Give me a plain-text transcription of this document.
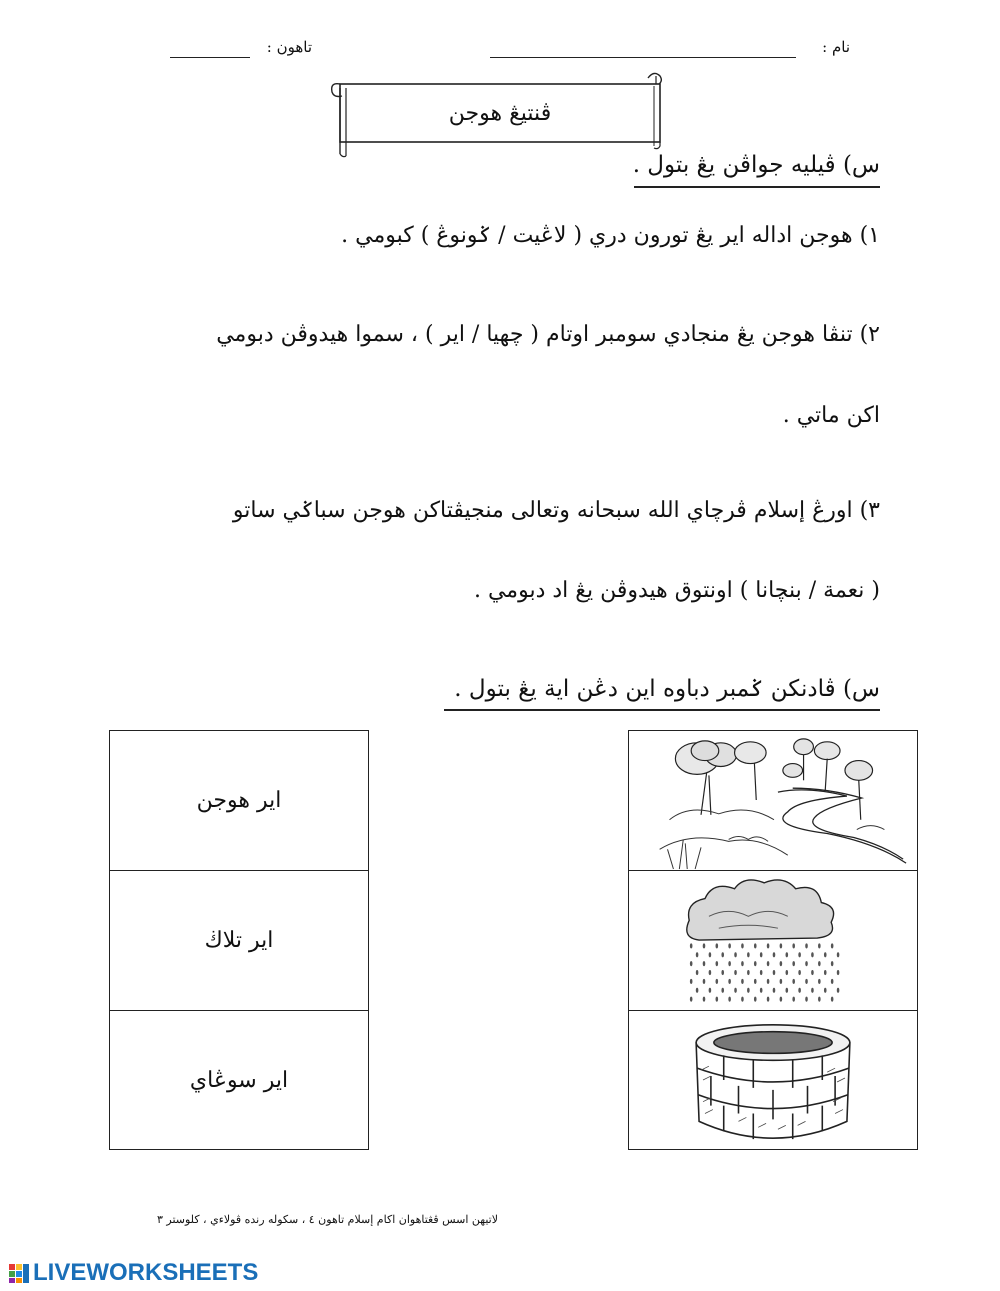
نام :
تاهون :
ڤنتيڠ هوجن
س) ڤيليه جواڤن يڠ بتول .
١) هوجن اداله اير يڠ تورون دري ( لاڠيت / ݢونوڠ ) كبومي .
٢) تنڤا هوجن يڠ منجادي سومبر اوتام ( چهيا / اير ) ، سموا هيدوڤن دبومي
اكن ماتي .
٣) اورڠ إسلام ڤرچاي الله سبحانه وتعالى منجيڤتاكن هوجن سباݢي ساتو
( نعمة / بنچانا ) اونتوق هيدوڤن يڠ اد دبومي .
س) ڤادنكن ݢمبر دباوه اين دڠن اية يڠ بتول .
اير هوجن
اير تلاڬ
اير سوڠاي
لاتيهن اسس ڤڠتاهوان اكام إسلام تاهون ٤ ، سكوله رنده ڤولاءي ، كلوستر ٣
LIVEWORKSHEETS
